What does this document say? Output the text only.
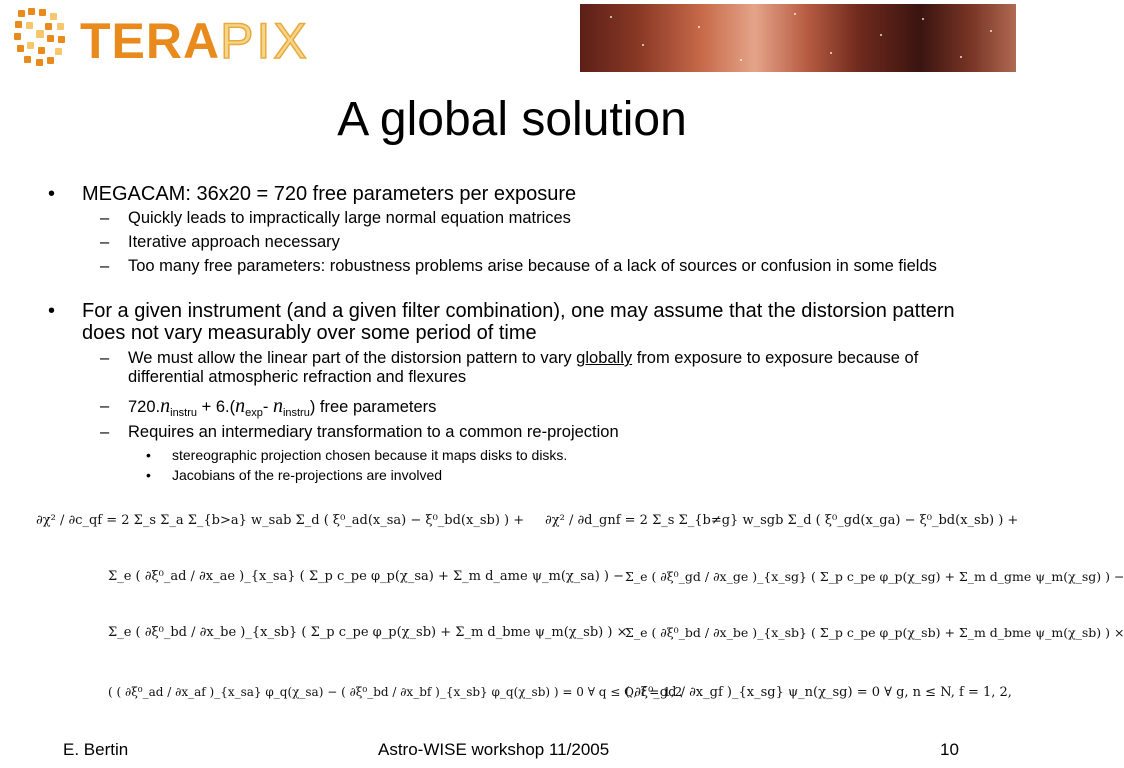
TERAPIX
A global solution
• MEGACAM: 36x20 = 720 free parameters per exposure
– Quickly leads to impractically large normal equation matrices
– Iterative approach necessary
– Too many free parameters: robustness problems arise because of a lack of sources or confusion in some fields
• For a given instrument (and a given filter combination), one may assume that the distorsion pattern does not vary measurably over some period of time
– We must allow the linear part of the distorsion pattern to vary globally from exposure to exposure because of differential atmospheric refraction and flexures
– $720.n_{instru} + 6.(n_{exp}-$ $n_{instru}$) free parameters
– Requires an intermediary transformation to a common re-projection
• stereographic projection chosen because it maps disks to disks.
• Jacobians of the re-projections are involved
∂χ² / ∂c_qf = 2 Σ_s Σ_a Σ_{b>a} w_sab Σ_d ( ξ⁰_ad(x_sa) − ξ⁰_bd(x_sb) ) +
Σ_e ( ∂ξ⁰_ad / ∂x_ae )_{x_sa} ( Σ_p c_pe φ_p(χ_sa) + Σ_m d_ame ψ_m(χ_sa) ) −
Σ_e ( ∂ξ⁰_bd / ∂x_be )_{x_sb} ( Σ_p c_pe φ_p(χ_sb) + Σ_m d_bme ψ_m(χ_sb) ) ×
( ( ∂ξ⁰_ad / ∂x_af )_{x_sa} φ_q(χ_sa) − ( ∂ξ⁰_bd / ∂x_bf )_{x_sb} φ_q(χ_sb) ) = 0 ∀ q ≤ Q, f = 1,2
∂χ² / ∂d_gnf = 2 Σ_s Σ_{b≠g} w_sgb Σ_d ( ξ⁰_gd(x_ga) − ξ⁰_bd(x_sb) ) +
Σ_e ( ∂ξ⁰_gd / ∂x_ge )_{x_sg} ( Σ_p c_pe φ_p(χ_sg) + Σ_m d_gme ψ_m(χ_sg) ) −
Σ_e ( ∂ξ⁰_bd / ∂x_be )_{x_sb} ( Σ_p c_pe φ_p(χ_sb) + Σ_m d_bme ψ_m(χ_sb) ) ×
( ∂ξ⁰_gd / ∂x_gf )_{x_sg} ψ_n(χ_sg) = 0 ∀ g, n ≤ N, f = 1, 2,
E. Bertin	Astro-WISE workshop 11/2005	10
